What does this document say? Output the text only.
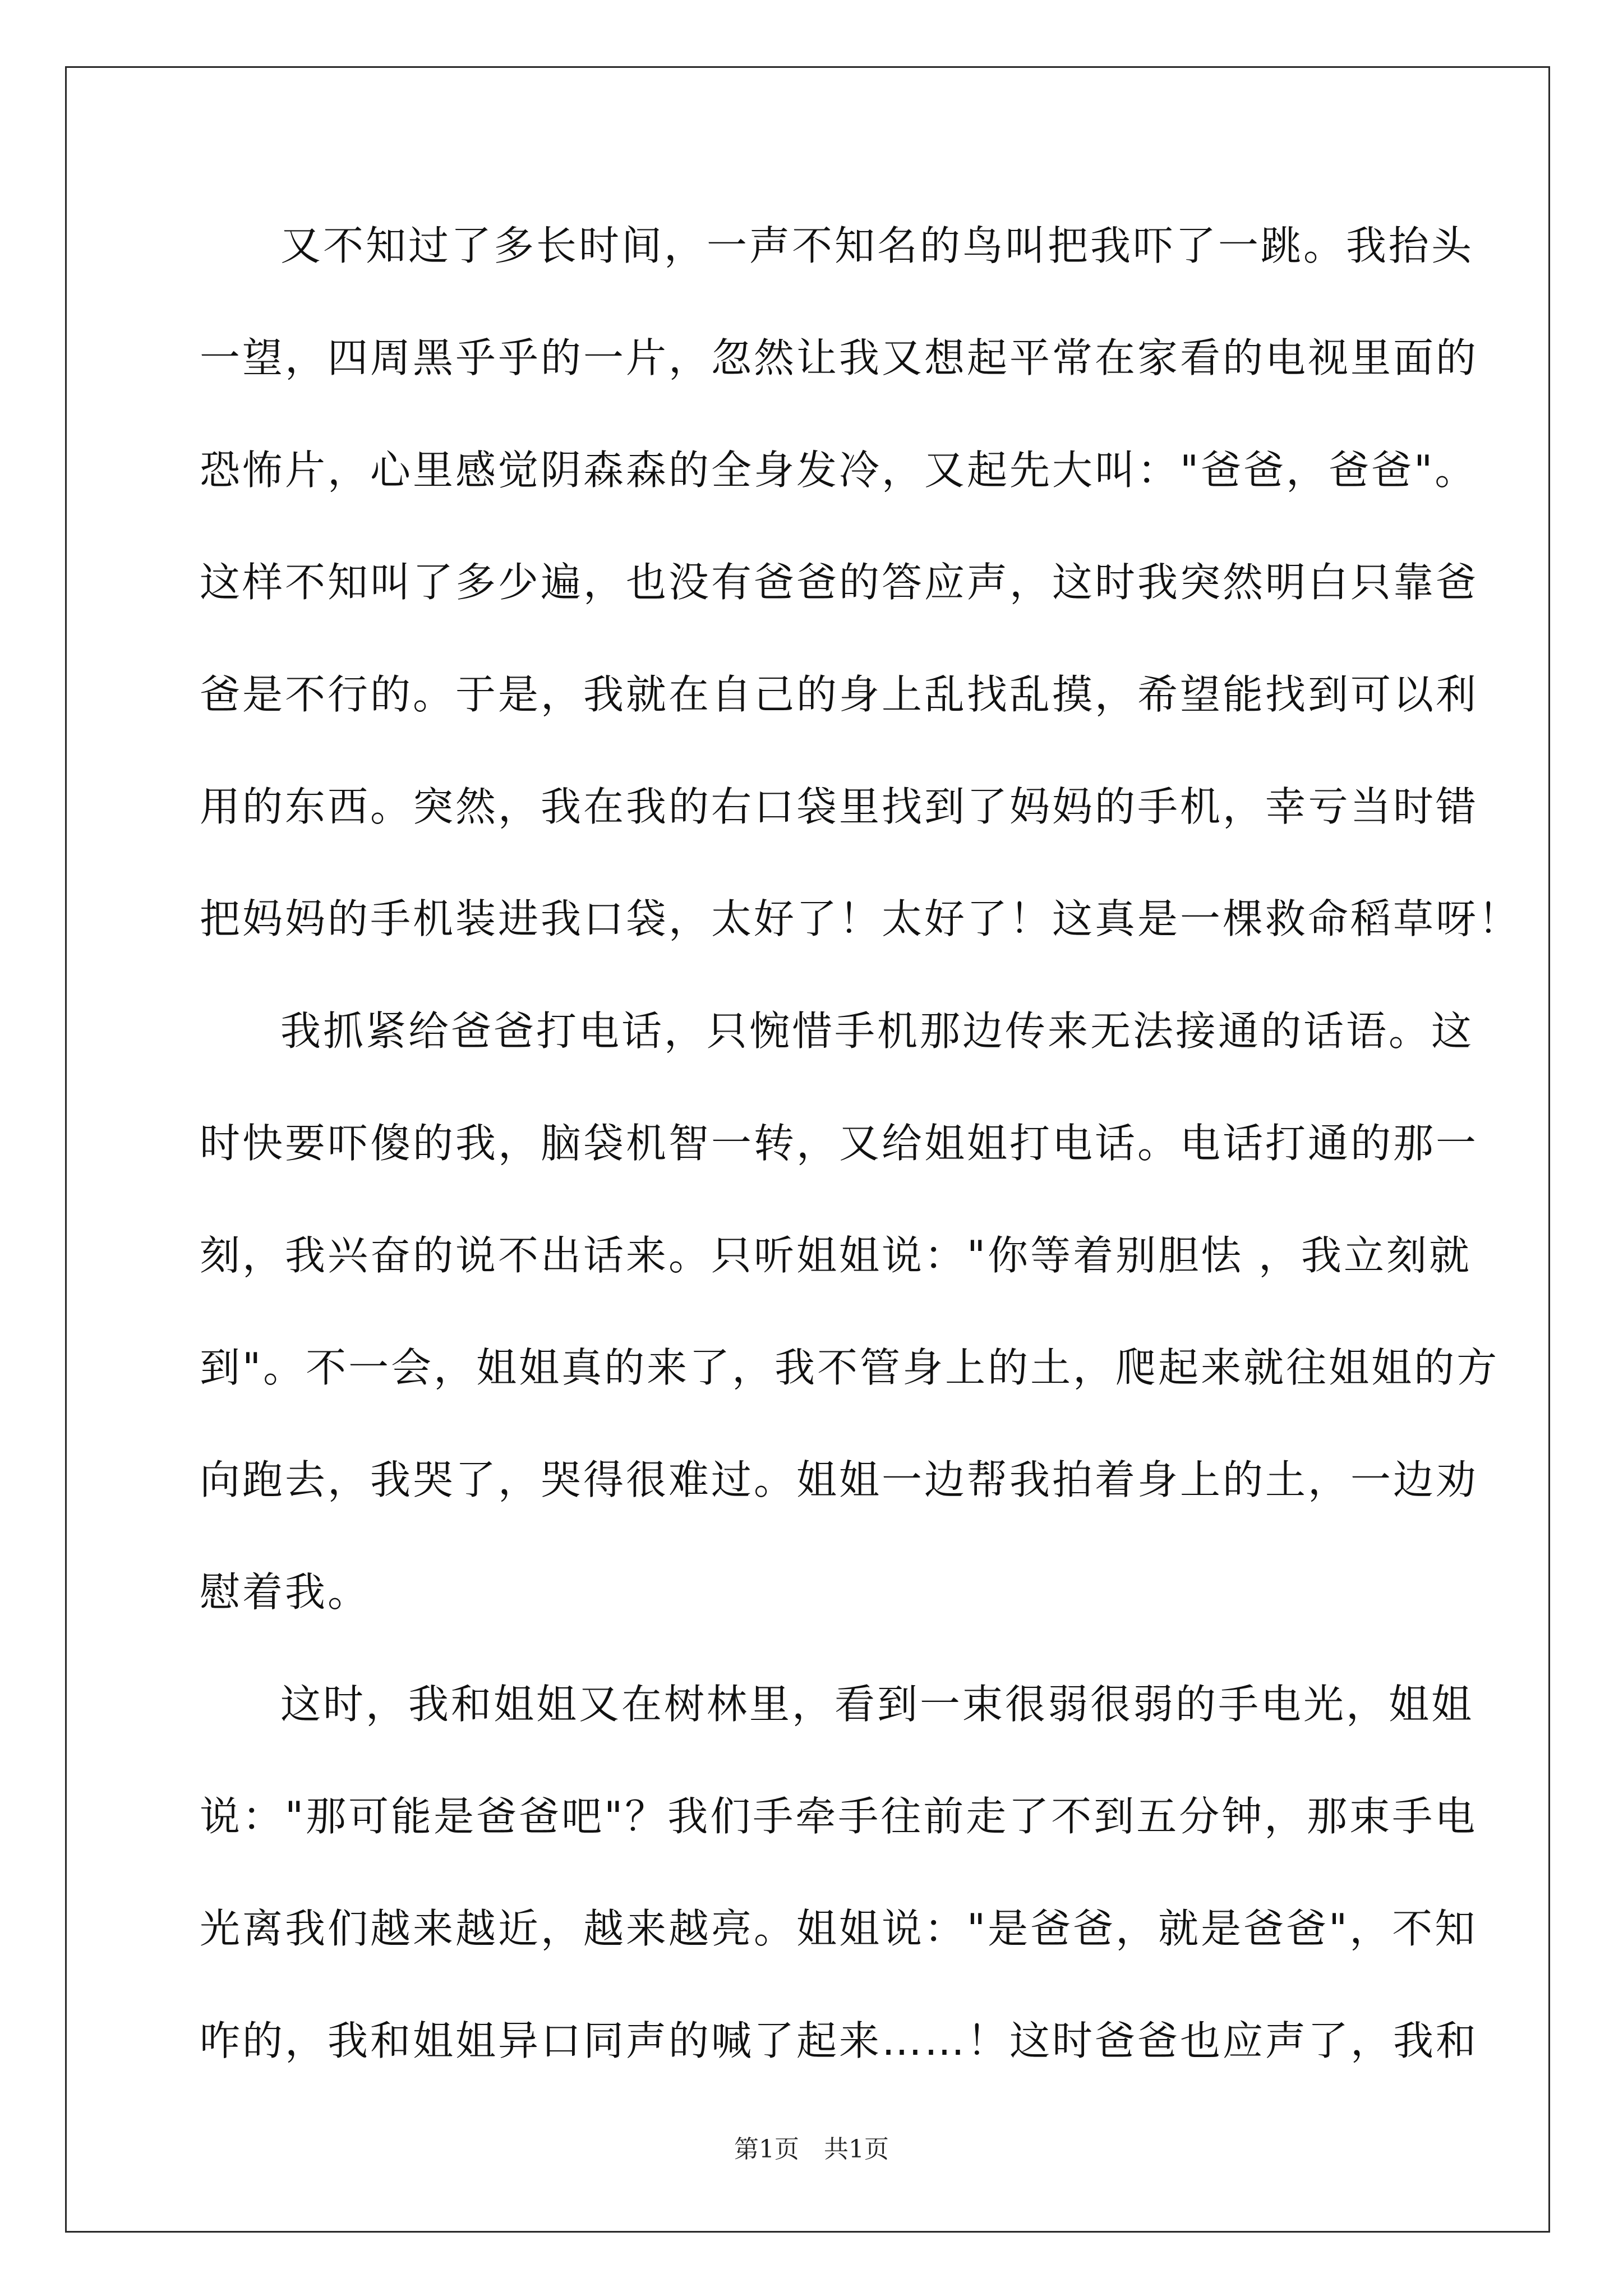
又不知过了多长时间，一声不知名的鸟叫把我吓了一跳。我抬头
一望，四周黑乎乎的一片，忽然让我又想起平常在家看的电视里面的
恐怖片，心里感觉阴森森的全身发冷，又起先大叫："爸爸，爸爸"。
这样不知叫了多少遍，也没有爸爸的答应声，这时我突然明白只靠爸
爸是不行的。于是，我就在自己的身上乱找乱摸，希望能找到可以利
用的东西。突然，我在我的右口袋里找到了妈妈的手机，幸亏当时错
把妈妈的手机装进我口袋，太好了！太好了！这真是一棵救命稻草呀！
我抓紧给爸爸打电话，只惋惜手机那边传来无法接通的话语。这
时快要吓傻的我，脑袋机智一转，又给姐姐打电话。电话打通的那一
刻，我兴奋的说不出话来。只听姐姐说："你等着别胆怯 ，我立刻就
到"。不一会，姐姐真的来了，我不管身上的土，爬起来就往姐姐的方
向跑去，我哭了，哭得很难过。姐姐一边帮我拍着身上的土，一边劝
慰着我。
这时，我和姐姐又在树林里，看到一束很弱很弱的手电光，姐姐
说："那可能是爸爸吧"？我们手牵手往前走了不到五分钟，那束手电
光离我们越来越近，越来越亮。姐姐说："是爸爸，就是爸爸"，不知
咋的，我和姐姐异口同声的喊了起来……！这时爸爸也应声了，我和
第1页　共1页
